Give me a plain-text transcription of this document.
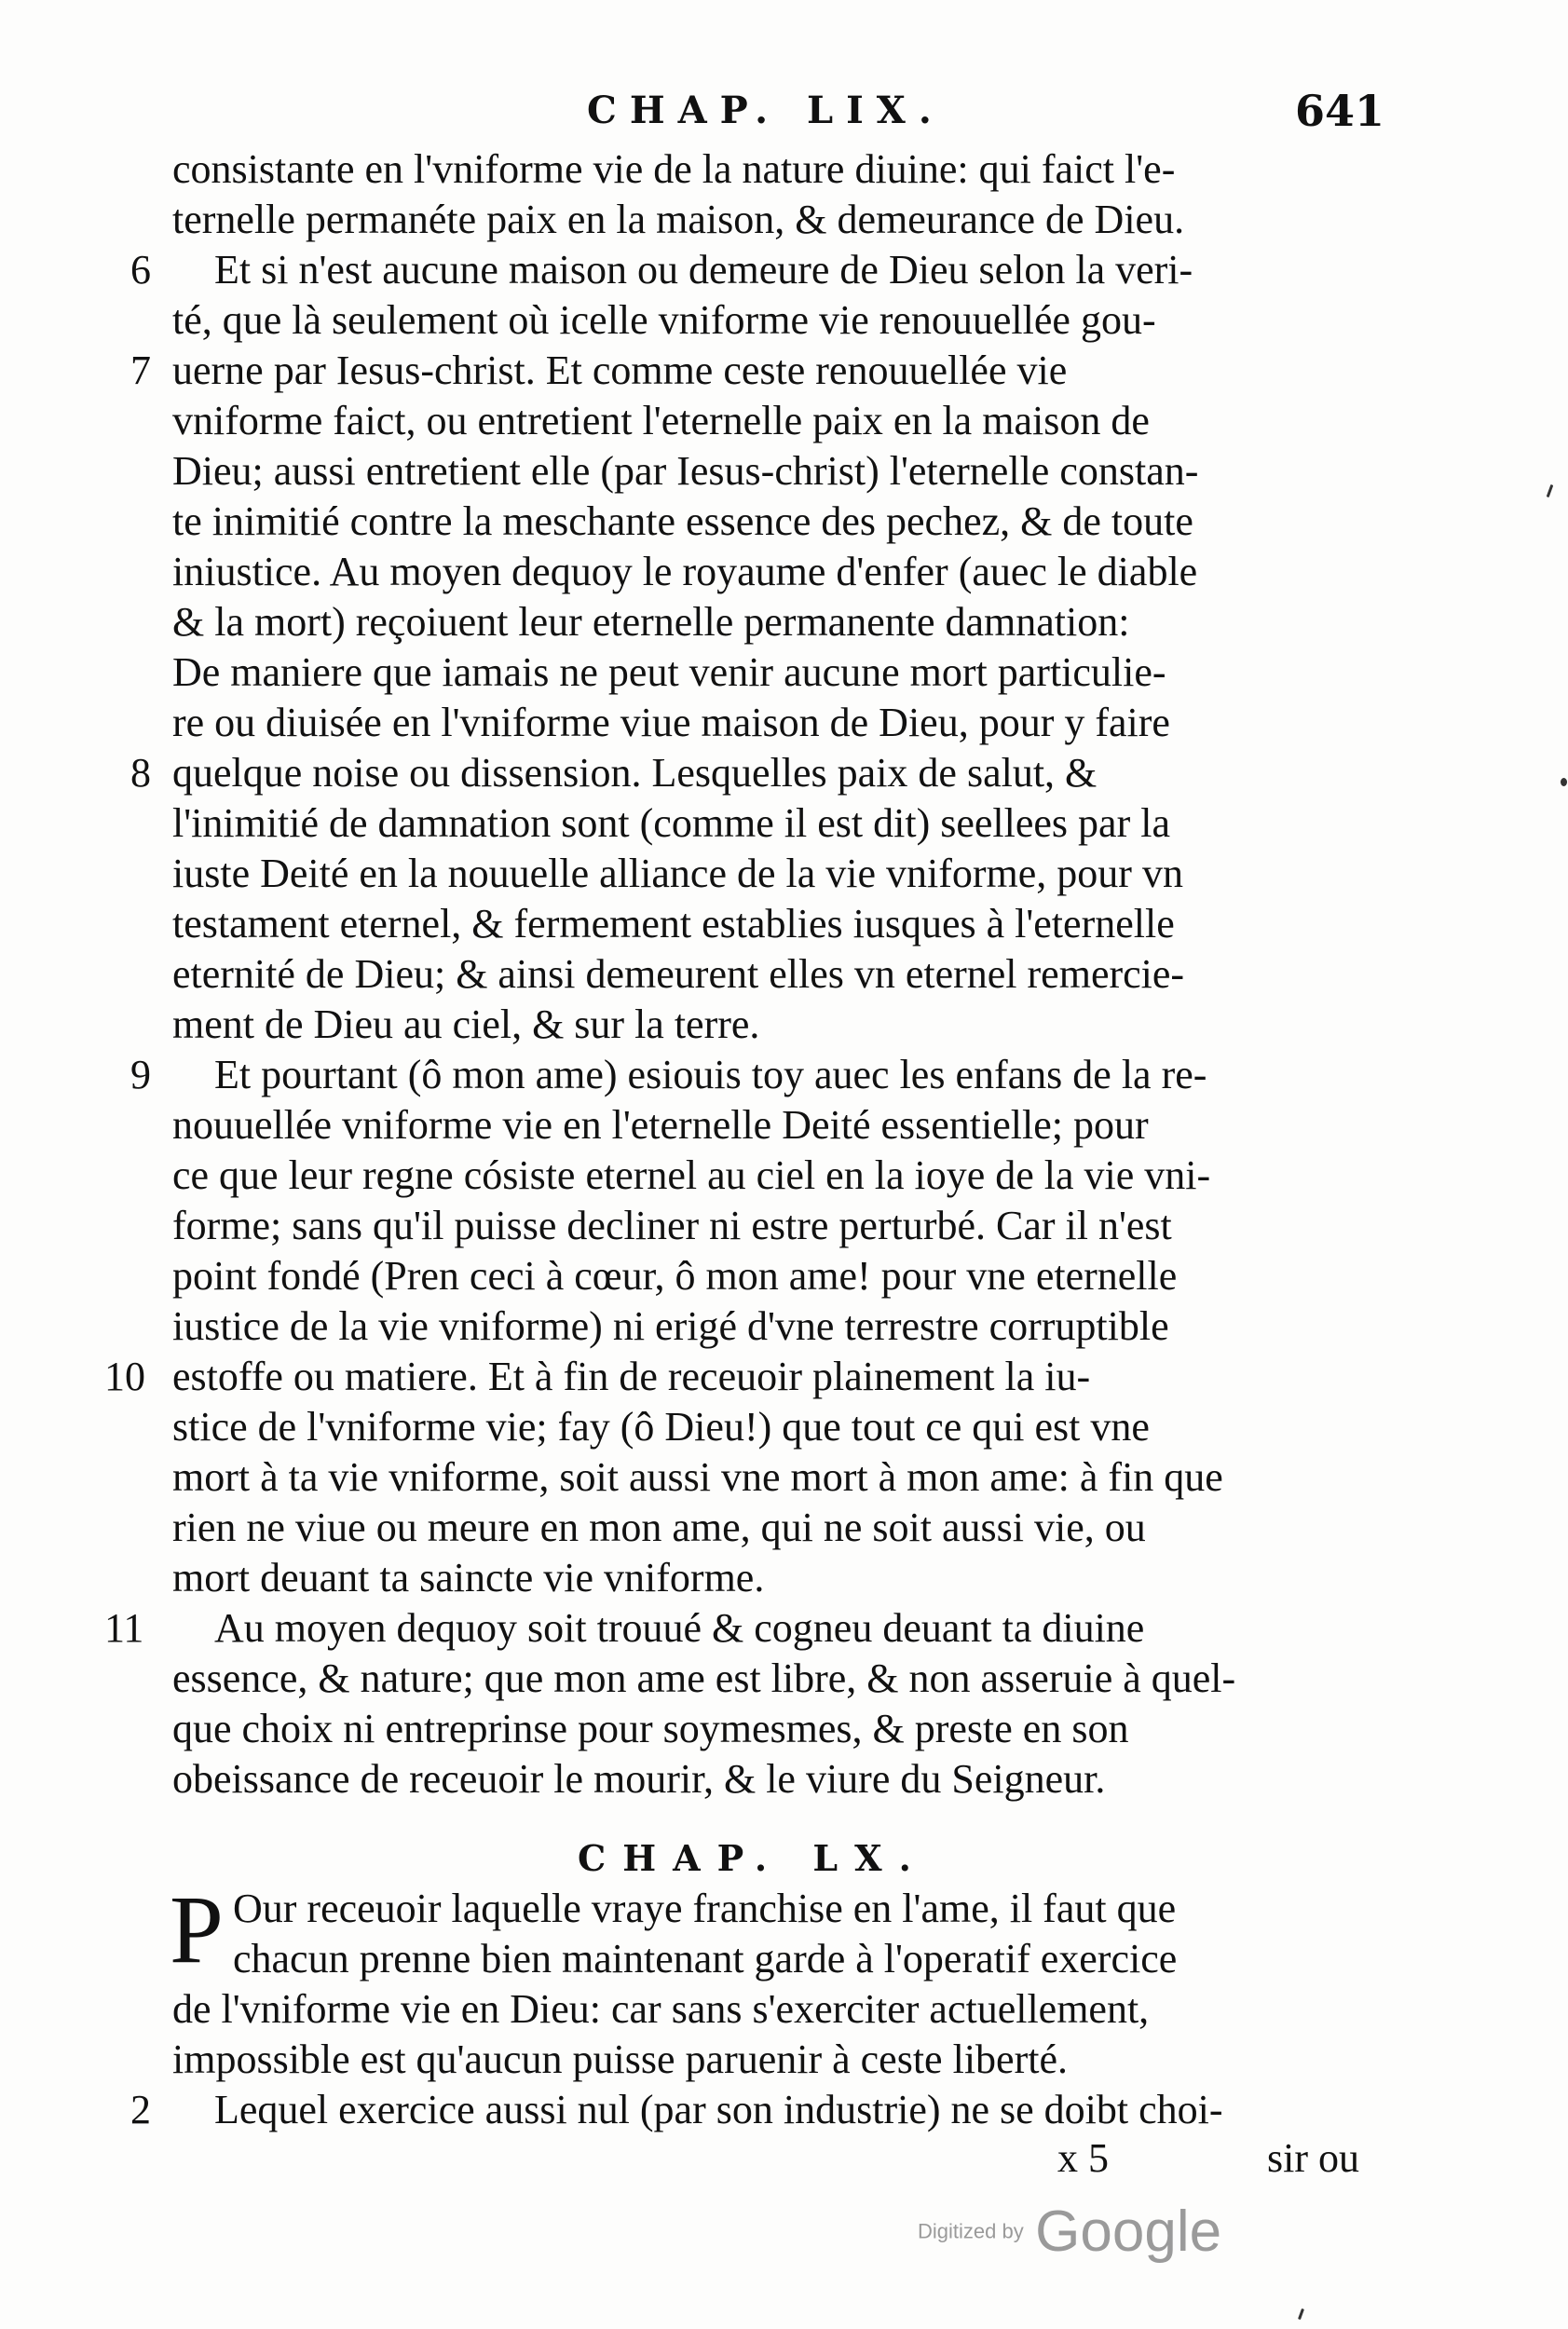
CHAP. LIX.	641
consistante en l'vniforme vie de la nature diuine: qui faict l'e-
ternelle permanéte paix en la maison, & demeurance de Dieu.
6 Et si n'est aucune maison ou demeure de Dieu selon la veri-
té, que là seulement où icelle vniforme vie renouuellée gou-
7 uerne par Iesus-christ. Et comme ceste renouuellée vie
vniforme faict, ou entretient l'eternelle paix en la maison de
Dieu; aussi entretient elle (par Iesus-christ) l'eternelle constan-
te inimitié contre la meschante essence des pechez, & de toute
iniustice. Au moyen dequoy le royaume d'enfer (auec le diable
& la mort) reçoiuent leur eternelle permanente damnation:
De maniere que iamais ne peut venir aucune mort particulie-
re ou diuisée en l'vniforme viue maison de Dieu, pour y faire
8 quelque noise ou dissension. Lesquelles paix de salut, &
l'inimitié de damnation sont (comme il est dit) seellees par la
iuste Deité en la nouuelle alliance de la vie vniforme, pour vn
testament eternel, & fermement establies iusques à l'eternelle
eternité de Dieu; & ainsi demeurent elles vn eternel remercie-
ment de Dieu au ciel, & sur la terre.
9 Et pourtant (ô mon ame) esiouis toy auec les enfans de la re-
nouuellée vniforme vie en l'eternelle Deité essentielle; pour
ce que leur regne cósiste eternel au ciel en la ioye de la vie vni-
forme; sans qu'il puisse decliner ni estre perturbé. Car il n'est
point fondé (Pren ceci à cœur, ô mon ame! pour vne eternelle
iustice de la vie vniforme) ni erigé d'vne terrestre corruptible
10 estoffe ou matiere. Et à fin de receuoir plainement la iu-
stice de l'vniforme vie; fay (ô Dieu!) que tout ce qui est vne
mort à ta vie vniforme, soit aussi vne mort à mon ame: à fin que
rien ne viue ou meure en mon ame, qui ne soit aussi vie, ou
mort deuant ta saincte vie vniforme.
11 Au moyen dequoy soit trouué & cogneu deuant ta diuine
essence, & nature; que mon ame est libre, & non asseruie à quel-
que choix ni entreprinse pour soymesmes, & preste en son
obeissance de receuoir le mourir, & le viure du Seigneur.
CHAP. LX.
P Our receuoir laquelle vraye franchise en l'ame, il faut que
chacun prenne bien maintenant garde à l'operatif exercice
de l'vniforme vie en Dieu: car sans s'exerciter actuellement,
impossible est qu'aucun puisse paruenir à ceste liberté.
2 Lequel exercice aussi nul (par son industrie) ne se doibt choi-
x 5	sir ou
Digitized by Google
